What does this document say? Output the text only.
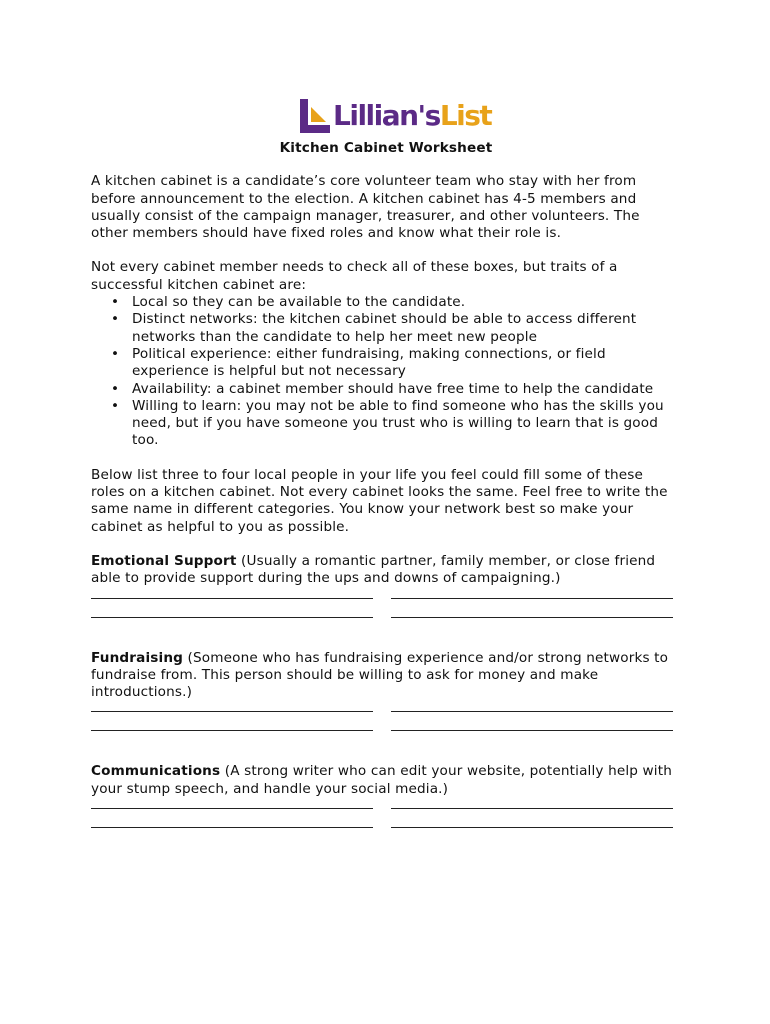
Lillian'sList
Kitchen Cabinet Worksheet

A kitchen cabinet is a candidate’s core volunteer team who stay with her from before announcement to the election. A kitchen cabinet has 4-5 members and usually consist of the campaign manager, treasurer, and other volunteers. The other members should have fixed roles and know what their role is.

Not every cabinet member needs to check all of these boxes, but traits of a successful kitchen cabinet are:

• Local so they can be available to the candidate.
• Distinct networks: the kitchen cabinet should be able to access different networks than the candidate to help her meet new people
• Political experience: either fundraising, making connections, or field experience is helpful but not necessary
• Availability: a cabinet member should have free time to help the candidate
• Willing to learn: you may not be able to find someone who has the skills you need, but if you have someone you trust who is willing to learn that is good too.

Below list three to four local people in your life you feel could fill some of these roles on a kitchen cabinet. Not every cabinet looks the same. Feel free to write the same name in different categories. You know your network best so make your cabinet as helpful to you as possible.

Emotional Support (Usually a romantic partner, family member, or close friend able to provide support during the ups and downs of campaigning.)
Fundraising (Someone who has fundraising experience and/or strong networks to fundraise from. This person should be willing to ask for money and make introductions.)
Communications (A strong writer who can edit your website, potentially help with your stump speech, and handle your social media.)
